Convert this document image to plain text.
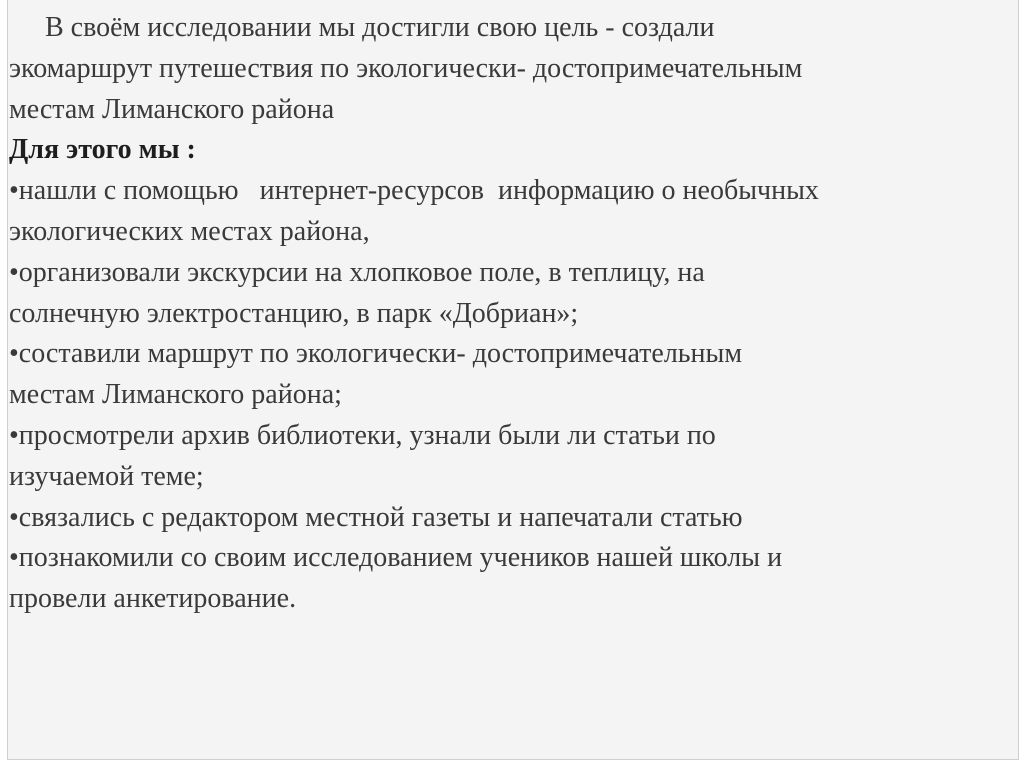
В своём исследовании мы достигли свою цель - создали
экомаршрут путешествия по экологически- достопримечательным
местам Лиманского района
Для этого мы :
•нашли с помощью   интернет-ресурсов  информацию о необычных
экологических местах района,
•организовали экскурсии на хлопковое поле, в теплицу, на
солнечную электростанцию, в парк «Добриан»;
•составили маршрут по экологически- достопримечательным
местам Лиманского района;
•просмотрели архив библиотеки, узнали были ли статьи по
изучаемой теме;
•связались с редактором местной газеты и напечатали статью
•познакомили со своим исследованием учеников нашей школы и
провели анкетирование.
